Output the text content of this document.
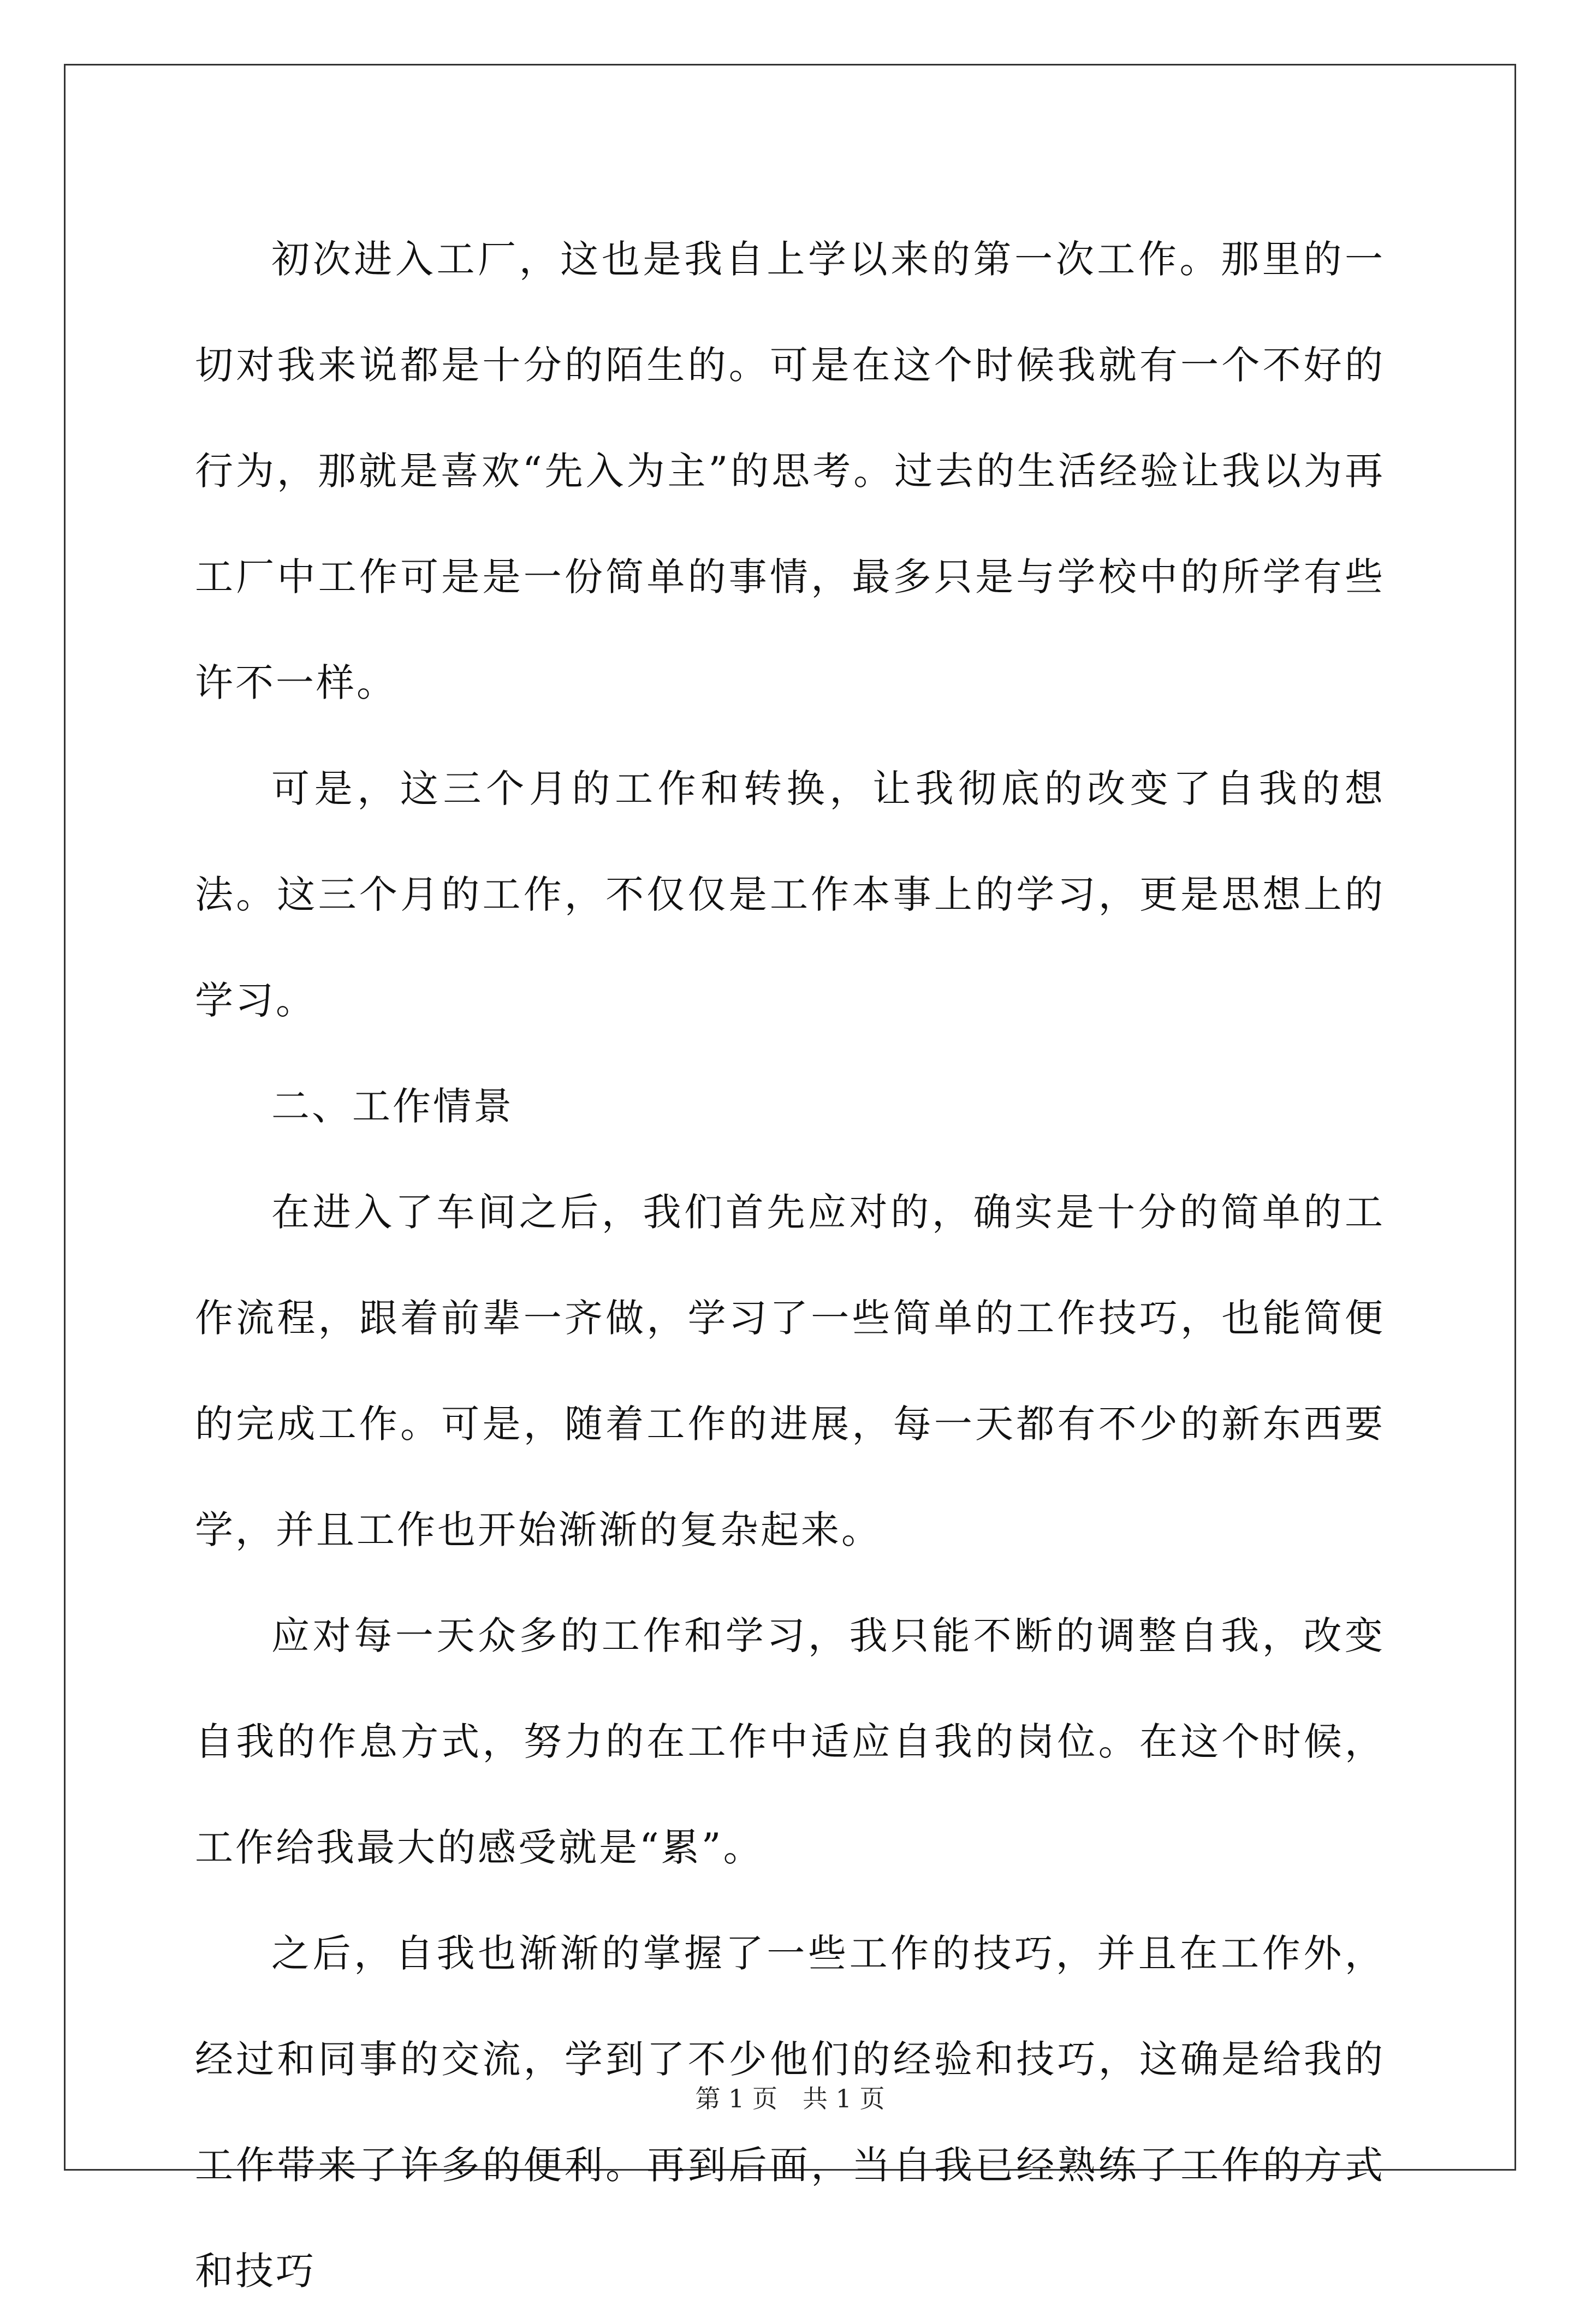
初次进入工厂，这也是我自上学以来的第一次工作。那里的一切对我来说都是十分的陌生的。可是在这个时候我就有一个不好的行为，那就是喜欢“先入为主”的思考。过去的生活经验让我以为再工厂中工作可是是一份简单的事情，最多只是与学校中的所学有些许不一样。

可是，这三个月的工作和转换，让我彻底的改变了自我的想法。这三个月的工作，不仅仅是工作本事上的学习，更是思想上的学习。

二、工作情景

在进入了车间之后，我们首先应对的，确实是十分的简单的工作流程，跟着前辈一齐做，学习了一些简单的工作技巧，也能简便的完成工作。可是，随着工作的进展，每一天都有不少的新东西要学，并且工作也开始渐渐的复杂起来。

应对每一天众多的工作和学习，我只能不断的调整自我，改变自我的作息方式，努力的在工作中适应自我的岗位。在这个时候，工作给我最大的感受就是“累”。

之后，自我也渐渐的掌握了一些工作的技巧，并且在工作外，经过和同事的交流，学到了不少他们的经验和技巧，这确是给我的工作带来了许多的便利。再到后面，当自我已经熟练了工作的方式和技巧

第 1 页　共 1 页
